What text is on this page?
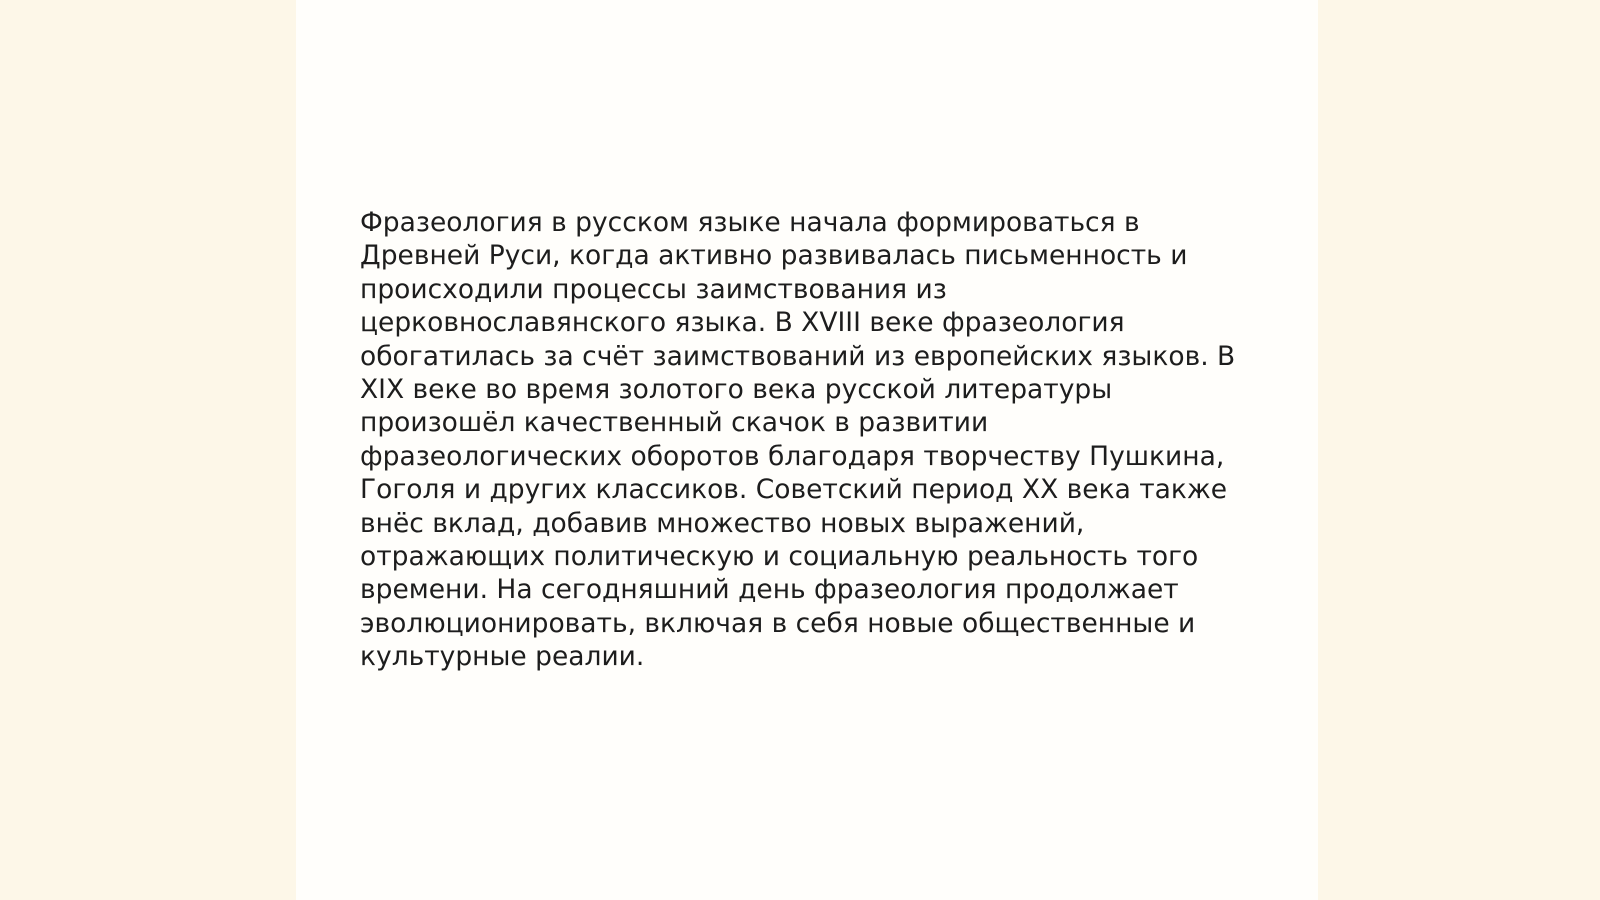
Фразеология в русском языке начала формироваться в
Древней Руси, когда активно развивалась письменность и
происходили процессы заимствования из
церковнославянского языка. В XVIII веке фразеология
обогатилась за счёт заимствований из европейских языков. В
XIX веке во время золотого века русской литературы
произошёл качественный скачок в развитии
фразеологических оборотов благодаря творчеству Пушкина,
Гоголя и других классиков. Советский период XX века также
внёс вклад, добавив множество новых выражений,
отражающих политическую и социальную реальность того
времени. На сегодняшний день фразеология продолжает
эволюционировать, включая в себя новые общественные и
культурные реалии.
